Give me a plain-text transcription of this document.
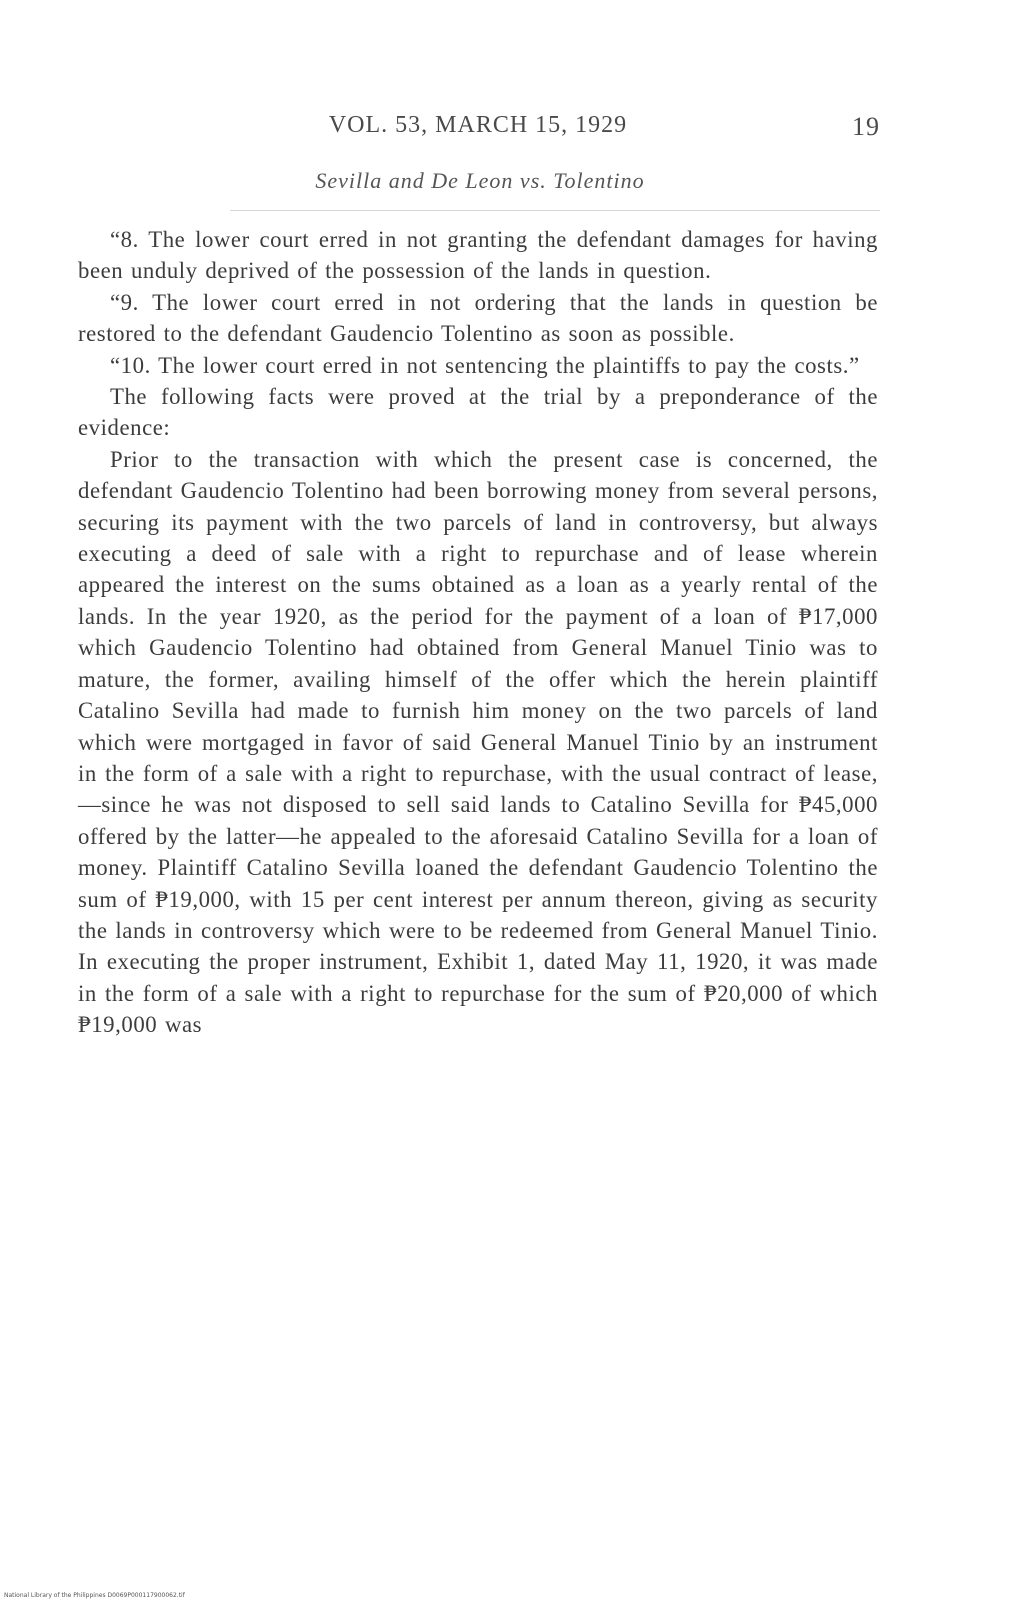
VOL. 53, MARCH 15, 1929	19
Sevilla and De Leon vs. Tolentino

“8. The lower court erred in not granting the defendant damages for having been unduly deprived of the possession of the lands in question.

“9. The lower court erred in not ordering that the lands in question be restored to the defendant Gaudencio Tolentino as soon as possible.

“10. The lower court erred in not sentencing the plaintiffs to pay the costs.”

The following facts were proved at the trial by a preponderance of the evidence:

Prior to the transaction with which the present case is concerned, the defendant Gaudencio Tolentino had been borrowing money from several persons, securing its payment with the two parcels of land in controversy, but always executing a deed of sale with a right to repurchase and of lease wherein appeared the interest on the sums obtained as a loan as a yearly rental of the lands. In the year 1920, as the period for the payment of a loan of ₱17,000 which Gaudencio Tolentino had obtained from General Manuel Tinio was to mature, the former, availing himself of the offer which the herein plaintiff Catalino Sevilla had made to furnish him money on the two parcels of land which were mortgaged in favor of said General Manuel Tinio by an instrument in the form of a sale with a right to repurchase, with the usual contract of lease,—since he was not disposed to sell said lands to Catalino Sevilla for ₱45,000 offered by the latter—he appealed to the aforesaid Catalino Sevilla for a loan of money. Plaintiff Catalino Sevilla loaned the defendant Gaudencio Tolentino the sum of ₱19,000, with 15 per cent interest per annum thereon, giving as security the lands in controversy which were to be redeemed from General Manuel Tinio. In executing the proper instrument, Exhibit 1, dated May 11, 1920, it was made in the form of a sale with a right to repurchase for the sum of ₱20,000 of which ₱19,000 was

National Library of the Philippines D0069P000117900062.tif
